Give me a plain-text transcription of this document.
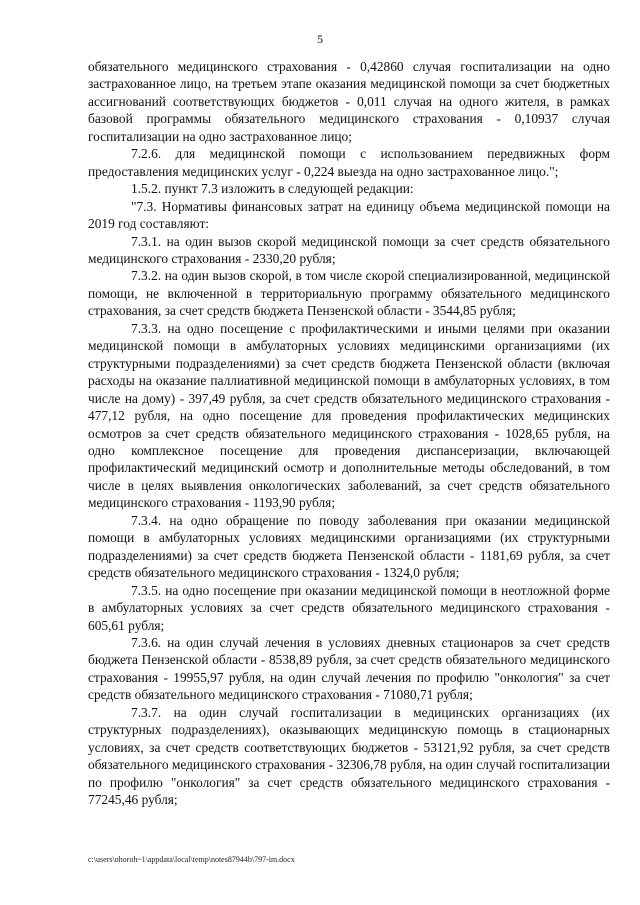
5

обязательного медицинского страхования - 0,42860 случая госпитализации на одно застрахованное лицо, на третьем этапе оказания медицинской помощи за счет бюджетных ассигнований соответствующих бюджетов - 0,011 случая на одного жителя, в рамках базовой программы обязательного медицинского страхования - 0,10937 случая госпитализации на одно застрахованное лицо;

7.2.6. для медицинской помощи с использованием передвижных форм предоставления медицинских услуг - 0,224 выезда на одно застрахованное лицо.";

1.5.2. пункт 7.3 изложить в следующей редакции:

"7.3. Нормативы финансовых затрат на единицу объема медицинской помощи на 2019 год составляют:

7.3.1. на один вызов скорой медицинской помощи за счет средств обязательного медицинского страхования - 2330,20 рубля;

7.3.2. на один вызов скорой, в том числе скорой специализированной, медицинской помощи, не включенной в территориальную программу обязательного медицинского страхования, за счет средств бюджета Пензенской области - 3544,85 рубля;

7.3.3. на одно посещение с профилактическими и иными целями при оказании медицинской помощи в амбулаторных условиях медицинскими организациями (их структурными подразделениями) за счет средств бюджета Пензенской области (включая расходы на оказание паллиативной медицинской помощи в амбулаторных условиях, в том числе на дому) - 397,49 рубля, за счет средств обязательного медицинского страхования - 477,12 рубля, на одно посещение для проведения профилактических медицинских осмотров за счет средств обязательного медицинского страхования - 1028,65 рубля, на одно комплексное посещение для проведения диспансеризации, включающей профилактический медицинский осмотр и дополнительные методы обследований, в том числе в целях выявления онкологических заболеваний, за счет средств обязательного медицинского страхования - 1193,90 рубля;

7.3.4. на одно обращение по поводу заболевания при оказании медицинской помощи в амбулаторных условиях медицинскими организациями (их структурными подразделениями) за счет средств бюджета Пензенской области - 1181,69 рубля, за счет средств обязательного медицинского страхования - 1324,0 рубля;

7.3.5. на одно посещение при оказании медицинской помощи в неотложной форме в амбулаторных условиях за счет средств обязательного медицинского страхования - 605,61 рубля;

7.3.6. на один случай лечения в условиях дневных стационаров за счет средств бюджета Пензенской области - 8538,89 рубля, за счет средств обязательного медицинского страхования - 19955,97 рубля, на один случай лечения по профилю "онкология" за счет средств обязательного медицинского страхования - 71080,71 рубля;

7.3.7. на один случай госпитализации в медицинских организациях (их структурных подразделениях), оказывающих медицинскую помощь в стационарных условиях, за счет средств соответствующих бюджетов - 53121,92 рубля, за счет средств обязательного медицинского страхования - 32306,78 рубля, на один случай госпитализации по профилю "онкология" за счет средств обязательного медицинского страхования - 77245,46 рубля;

c:\users\ohoroh~1\appdata\local\temp\notes87944b\797-im.docx
